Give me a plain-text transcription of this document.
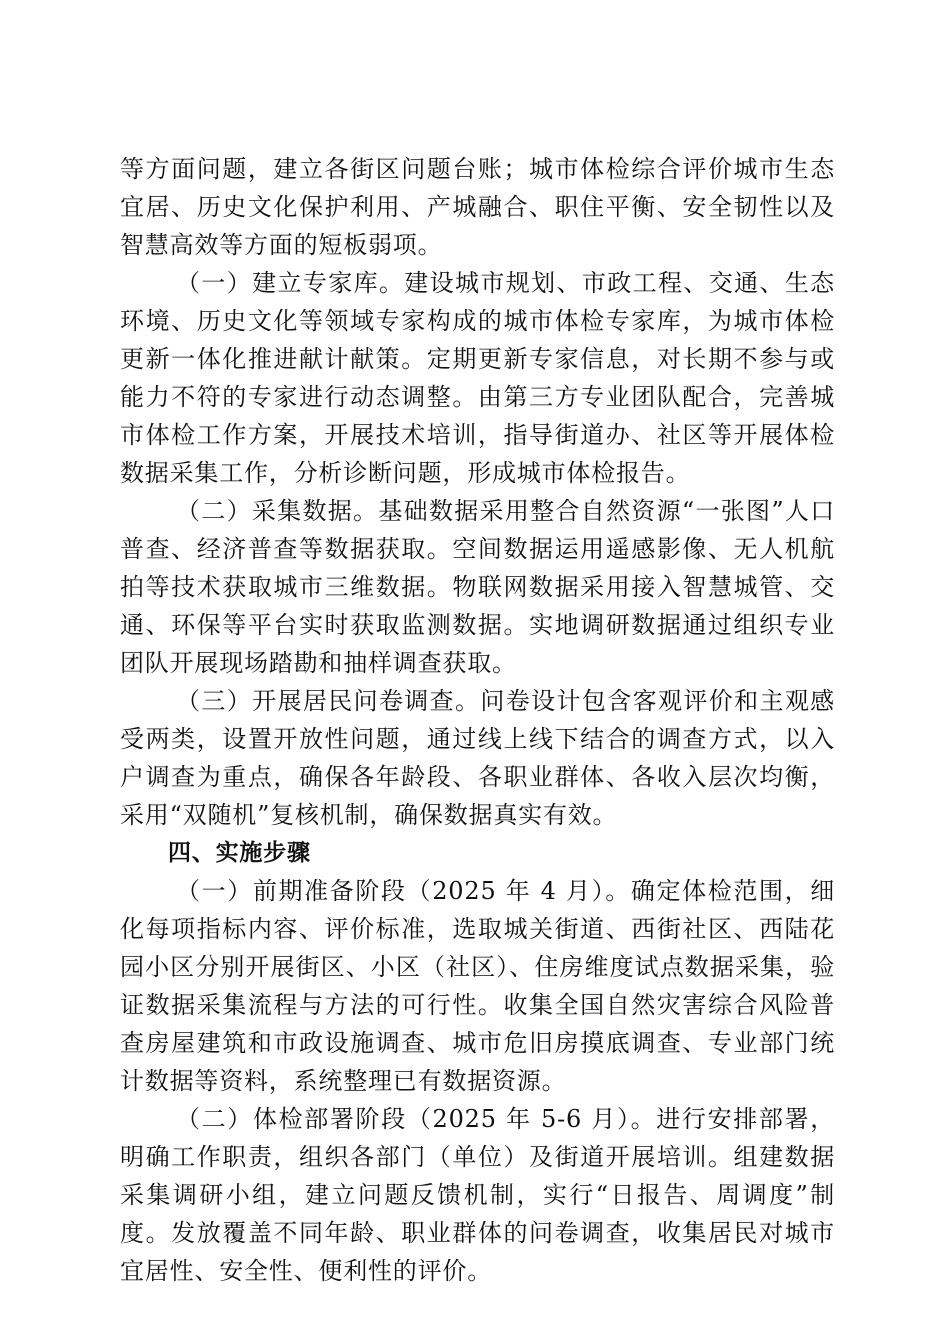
等方面问题，建立各街区问题台账；城市体检综合评价城市生态宜居、历史文化保护利用、产城融合、职住平衡、安全韧性以及智慧高效等方面的短板弱项。

（一）建立专家库。建设城市规划、市政工程、交通、生态环境、历史文化等领域专家构成的城市体检专家库，为城市体检更新一体化推进献计献策。定期更新专家信息，对长期不参与或能力不符的专家进行动态调整。由第三方专业团队配合，完善城市体检工作方案，开展技术培训，指导街道办、社区等开展体检数据采集工作，分析诊断问题，形成城市体检报告。

（二）采集数据。基础数据采用整合自然资源“一张图”人口普查、经济普查等数据获取。空间数据运用遥感影像、无人机航拍等技术获取城市三维数据。物联网数据采用接入智慧城管、交通、环保等平台实时获取监测数据。实地调研数据通过组织专业团队开展现场踏勘和抽样调查获取。

（三）开展居民问卷调查。问卷设计包含客观评价和主观感受两类，设置开放性问题，通过线上线下结合的调查方式，以入户调查为重点，确保各年龄段、各职业群体、各收入层次均衡，采用“双随机”复核机制，确保数据真实有效。

四、实施步骤

（一）前期准备阶段（2025 年 4 月）。确定体检范围，细化每项指标内容、评价标准，选取城关街道、西街社区、西陆花园小区分别开展街区、小区（社区）、住房维度试点数据采集，验证数据采集流程与方法的可行性。收集全国自然灾害综合风险普查房屋建筑和市政设施调查、城市危旧房摸底调查、专业部门统计数据等资料，系统整理已有数据资源。

（二）体检部署阶段（2025 年 5-6 月）。进行安排部署，明确工作职责，组织各部门（单位）及街道开展培训。组建数据采集调研小组，建立问题反馈机制，实行“日报告、周调度”制度。发放覆盖不同年龄、职业群体的问卷调查，收集居民对城市宜居性、安全性、便利性的评价。
